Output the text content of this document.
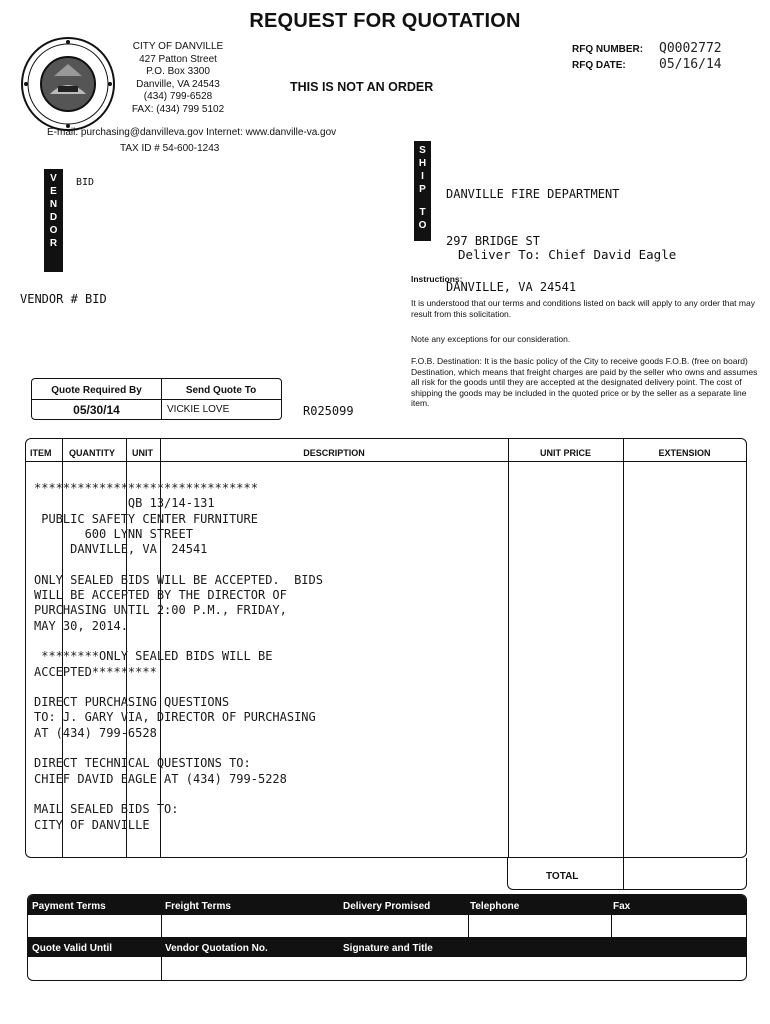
REQUEST FOR QUOTATION
CITY OF DANVILLE
427 Patton Street
P.O. Box 3300
Danville, VA 24543
(434) 799-6528
FAX: (434) 799 5102
THIS IS NOT AN ORDER
E-mail: purchasing@danvilleva.gov Internet: www.danville-va.gov
TAX ID # 54-600-1243
RFQ NUMBER: Q0002772
RFQ DATE:	05/16/14
V
E
N
D
O
R
BID
VENDOR # BID
S
H
I
P
T
O

DANVILLE FIRE DEPARTMENT

297 BRIDGE ST

DANVILLE, VA 24541

Deliver To: Chief David Eagle
Instructions:
It is understood that our terms and conditions listed on back will apply to any order that may result from this solicitation.
Note any exceptions for our consideration.
F.O.B. Destination: It is the basic policy of the City to receive goods F.O.B. (free on board) Destination, which means that freight charges are paid by the seller who owns and assumes all risk for the goods until they are accepted at the designated delivery point. The cost of shipping the goods may be included in the quoted price or by the seller as a separate line item.
Quote Required By	Send Quote To
05/30/14	VICKIE LOVE	R025099
ITEM QUANTITY UNIT	DESCRIPTION	UNIT PRICE	EXTENSION
*******************************
QB 13/14-131
PUBLIC SAFETY CENTER FURNITURE
600 LYNN STREET
DANVILLE, VA  24541

ONLY SEALED BIDS WILL BE ACCEPTED.  BIDS
WILL BE ACCEPTED BY THE DIRECTOR OF
PURCHASING UNTIL 2:00 P.M., FRIDAY,
MAY 30, 2014.

********ONLY SEALED BIDS WILL BE
ACCEPTED*********

DIRECT PURCHASING QUESTIONS
TO: J. GARY VIA, DIRECTOR OF PURCHASING
AT (434) 799-6528

DIRECT TECHNICAL QUESTIONS TO:
CHIEF DAVID EAGLE AT (434) 799-5228

MAIL SEALED BIDS TO:
CITY OF DANVILLE
TOTAL
Payment Terms	Freight Terms	Delivery Promised	Telephone	Fax
Quote Valid Until	Vendor Quotation No.	Signature and Title
